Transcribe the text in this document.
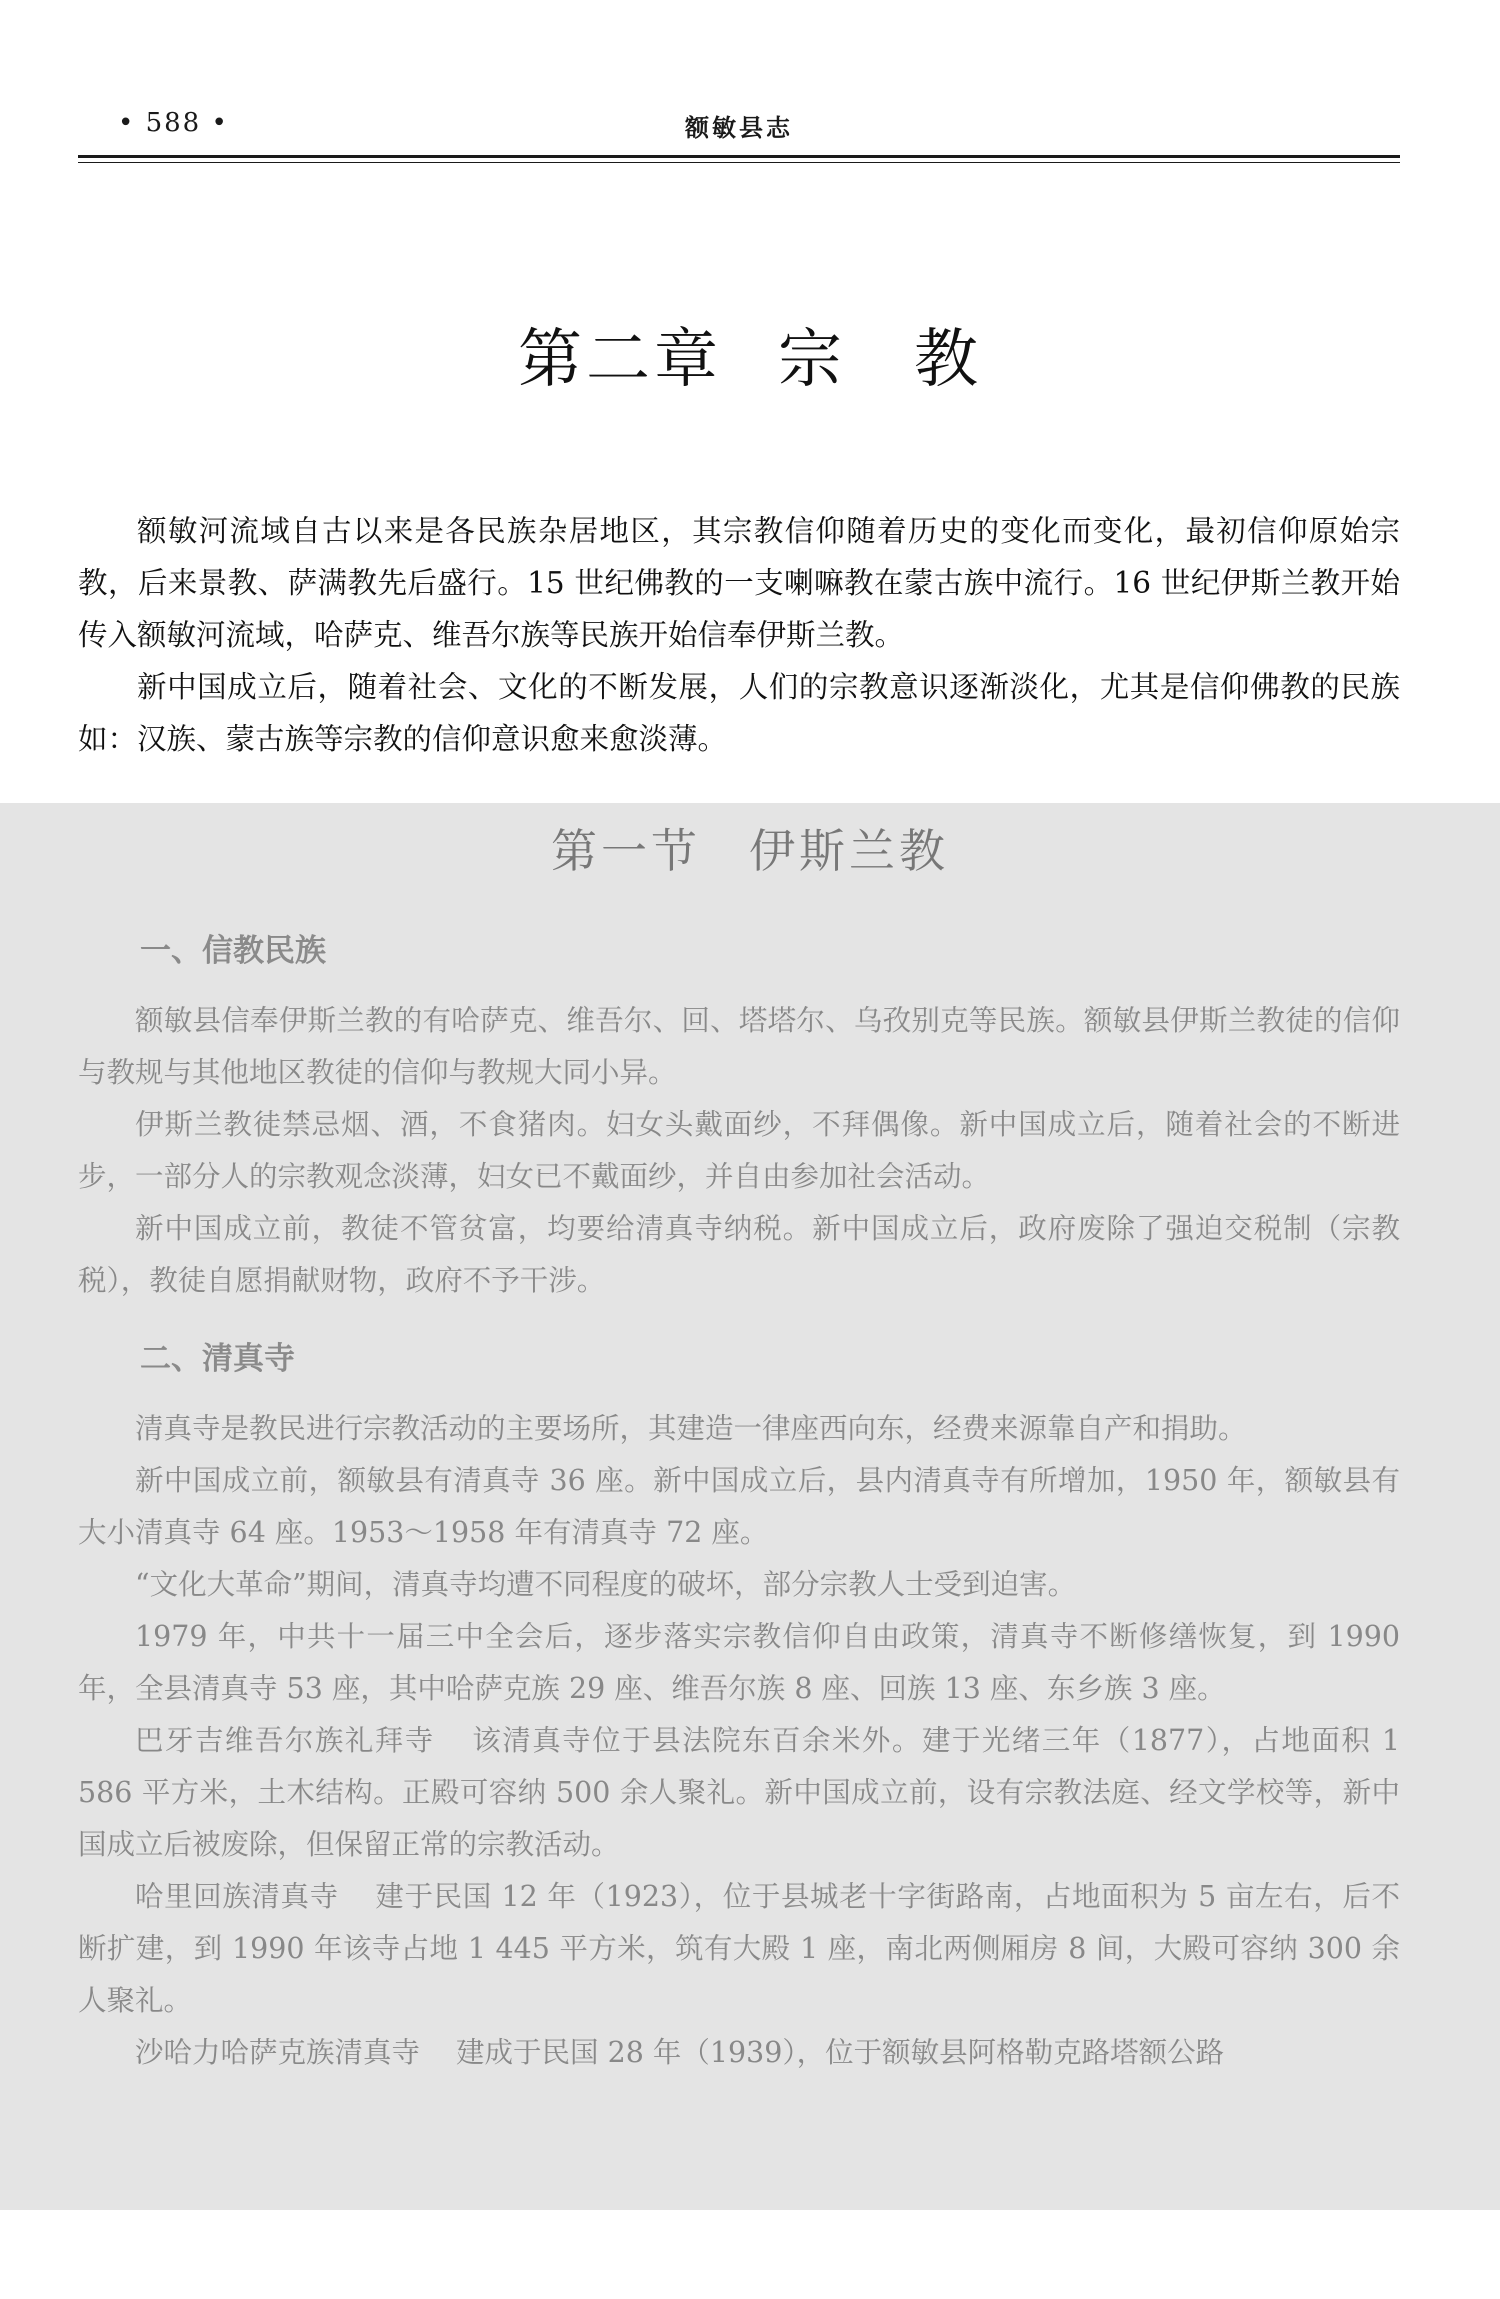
• 588 •	额敏县志
第二章 宗　教

额敏河流域自古以来是各民族杂居地区，其宗教信仰随着历史的变化而变化，最初信仰原始宗教，后来景教、萨满教先后盛行。15 世纪佛教的一支喇嘛教在蒙古族中流行。16 世纪伊斯兰教开始传入额敏河流域，哈萨克、维吾尔族等民族开始信奉伊斯兰教。

新中国成立后，随着社会、文化的不断发展，人们的宗教意识逐渐淡化，尤其是信仰佛教的民族如：汉族、蒙古族等宗教的信仰意识愈来愈淡薄。

第一节 伊斯兰教

一、信教民族

额敏县信奉伊斯兰教的有哈萨克、维吾尔、回、塔塔尔、乌孜别克等民族。额敏县伊斯兰教徒的信仰与教规与其他地区教徒的信仰与教规大同小异。

伊斯兰教徒禁忌烟、酒，不食猪肉。妇女头戴面纱，不拜偶像。新中国成立后，随着社会的不断进步，一部分人的宗教观念淡薄，妇女已不戴面纱，并自由参加社会活动。

新中国成立前，教徒不管贫富，均要给清真寺纳税。新中国成立后，政府废除了强迫交税制（宗教税），教徒自愿捐献财物，政府不予干涉。

二、清真寺

清真寺是教民进行宗教活动的主要场所，其建造一律座西向东，经费来源靠自产和捐助。

新中国成立前，额敏县有清真寺 36 座。新中国成立后，县内清真寺有所增加，1950 年，额敏县有大小清真寺 64 座。1953～1958 年有清真寺 72 座。

“文化大革命”期间，清真寺均遭不同程度的破坏，部分宗教人士受到迫害。

1979 年，中共十一届三中全会后，逐步落实宗教信仰自由政策，清真寺不断修缮恢复，到 1990 年，全县清真寺 53 座，其中哈萨克族 29 座、维吾尔族 8 座、回族 13 座、东乡族 3 座。

巴牙吉维吾尔族礼拜寺 该清真寺位于县法院东百余米外。建于光绪三年（1877），占地面积 1 586 平方米，土木结构。正殿可容纳 500 余人聚礼。新中国成立前，设有宗教法庭、经文学校等，新中国成立后被废除，但保留正常的宗教活动。

哈里回族清真寺 建于民国 12 年（1923），位于县城老十字街路南，占地面积为 5 亩左右，后不断扩建，到 1990 年该寺占地 1 445 平方米，筑有大殿 1 座，南北两侧厢房 8 间，大殿可容纳 300 余人聚礼。

沙哈力哈萨克族清真寺 建成于民国 28 年（1939），位于额敏县阿格勒克路塔额公路
